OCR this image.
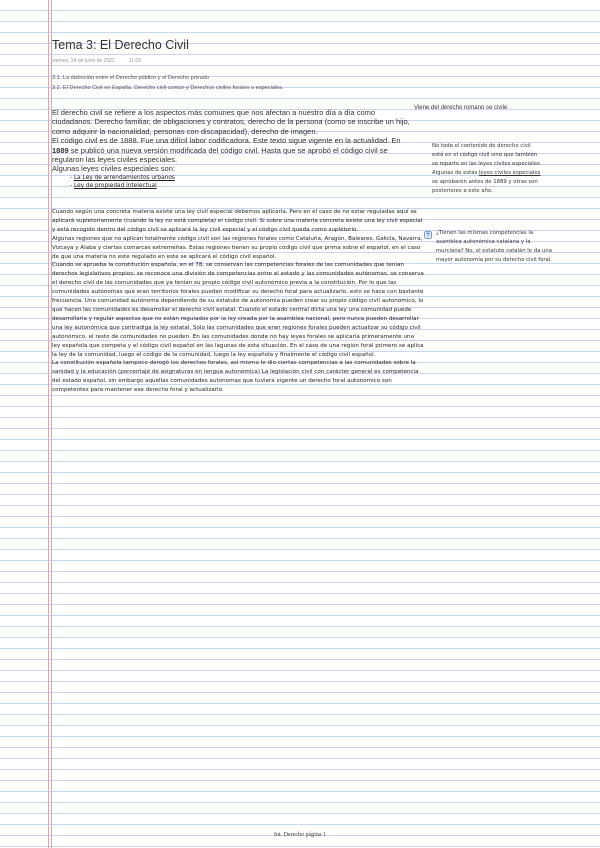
Tema 3: El Derecho Civil
viernes, 24 de junio de 2022	11:09
3.1. La distinción entre el Derecho público y el Derecho privado
3.2. El Derecho Civil en España. Derecho civil común y Derechos civiles forales o especiales.

El derecho civil se refiere a los aspectos más comunes que nos afectan a nuestro día a día como ciudadanos. Derecho familiar, de obligaciones y contratos, derecho de la persona (como se inscribe un hijo, como adquirir la nacionalidad, personas con discapacidad), derecho de imagen.

El código civil es de 1888. Fue una difícil labor codificadora. Este texto sigue vigente en la actualidad. En 1889 se publicó una nueva versión modificada del código civil. Hasta que se aprobó el código civil se regularon las leyes civiles especiales.

Algunas leyes civiles especiales son:

- La Ley de arrendamientos urbanos
- Ley de propiedad intelectual

Cuando según una concreta materia existe una ley civil especial debemos aplicarla. Pero en el caso de no estar reguladas aquí se aplicará supletoriamente (cuando la ley no está completa) el código civil. Si sobre una materia concreta existe una ley civil especial y está recogido dentro del código civil se aplicará la ley civil especial y el código civil queda como supletorio.

Algunas regiones que no aplican totalmente código civil son las regiones forales como Cataluña, Aragón, Baleares, Galicia, Navarra, Vizcaya y Alaba y ciertas comarcas extremeñas. Estas regiones tienen su propio código civil que prima sobre el español, en el caso de que una materia no este regulado en este se aplicará el código civil español.

Cuando se aprueba la constitución española, en el 78, se conservan las competencias forales de las comunidades que tenían derechos legislativos propios, se reconoce una división de competencias entre el estado y las comunidades autónomas, se conserva el derecho civil de las comunidades que ya tenían su propio código civil autonómico previa a la constitución. Por lo que las comunidades autónomas que eran territorios forales pueden modificar su derecho foral para actualizarlo, esto se hace con bastante frecuencia. Una comunidad autónoma dependiendo de su estatuto de autonomía pueden crear su propio código civil autonómico, lo que hacen las comunidades es desarrollar el derecho civil estatal. Cuando el estado central dicta una ley una comunidad puede desarrollarla y regular aspectos que no están regulados por la ley creada por la asamblea nacional, pero nunca pueden desarrollar una ley autonómica que contradiga la ley estatal. Solo las comunidades que eran regiones forales pueden actualizar su código civil autonómico, el resto de comunidades no pueden. En las comunidades donde no hay leyes forales se aplicaría primeramente una ley española que competa y el código civil español en las lagunas de esta situación. En el caso de una región foral primero se aplica la ley de la comunidad, luego el código de la comunidad, luego la ley española y finalmente el código civil español.

La constitución española tampoco derogó los derechos forales, así mismo le dio ciertas competencias a las comunidades sobre la sanidad y la educación (porcentaje de asignaturas en lengua autonómica) La legislación civil con carácter general es competencia del estado español, sin embargo aquellas comunidades autónomas que tuviera vigente un derecho foral autonómico son competentes para mantener ese derecho foral y actualizarlo.

Viene del derecho romano se civile
No todo el contenido de derecho civil está en el código civil sino que también se reparte en las leyes civiles especiales. Algunas de estas leyes civiles especiales se aprobaron antes de 1889 y otras son posteriores a este año.
¿Tienen las mismas competencias la asamblea autonómica catalana y la murciana? No, el estatuto catalán le da una mayor autonomía por su derecho civil foral.
Int. Derecho página 1
